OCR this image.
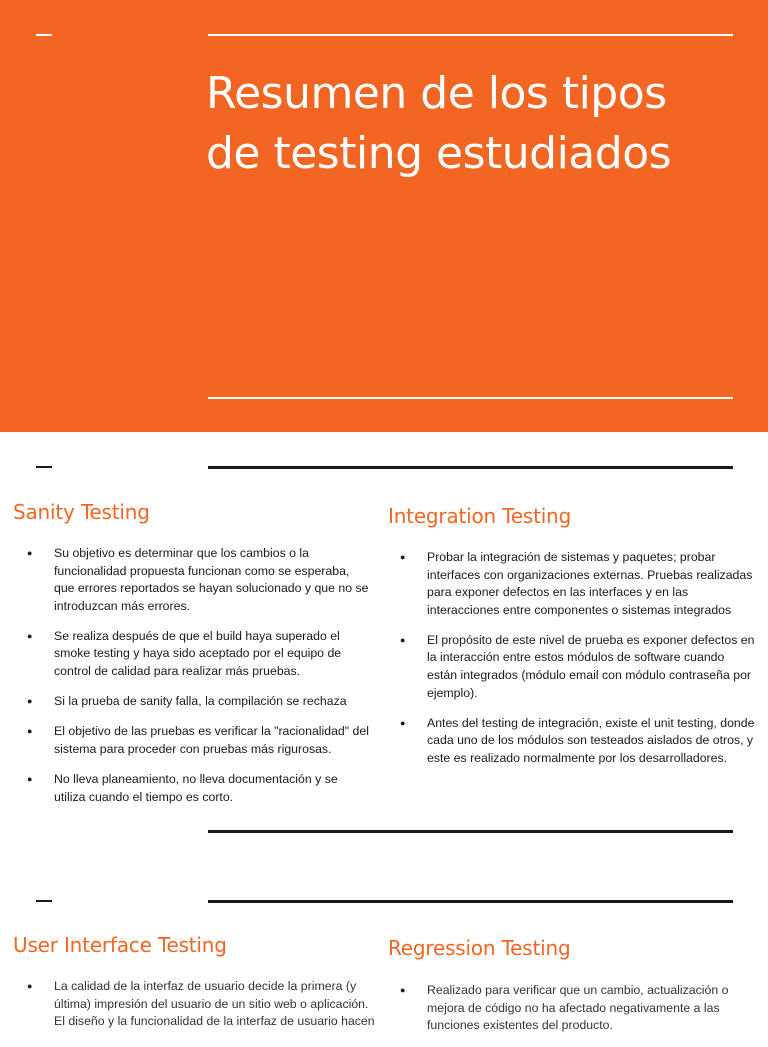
Resumen de los tipos de testing estudiados
Sanity Testing
● Su objetivo es determinar que los cambios o la funcionalidad propuesta funcionan como se esperaba, que errores reportados se hayan solucionado y que no se introduzcan más errores.
● Se realiza después de que el build haya superado el smoke testing y haya sido aceptado por el equipo de control de calidad para realizar más pruebas.
● Si la prueba de sanity falla, la compilación se rechaza
● El objetivo de las pruebas es verificar la "racionalidad" del sistema para proceder con pruebas más rigurosas.
● No lleva planeamiento, no lleva documentación y se utiliza cuando el tiempo es corto.
Integration Testing
● Probar la integración de sistemas y paquetes; probar interfaces con organizaciones externas. Pruebas realizadas para exponer defectos en las interfaces y en las interacciones entre componentes o sistemas integrados
● El propósito de este nivel de prueba es exponer defectos en la interacción entre estos módulos de software cuando están integrados (módulo email con módulo contraseña por ejemplo).
● Antes del testing de integración, existe el unit testing, donde cada uno de los módulos son testeados aislados de otros, y este es realizado normalmente por los desarrolladores.
User Interface Testing
● La calidad de la interfaz de usuario decide la primera (y última) impresión del usuario de un sitio web o aplicación. El diseño y la funcionalidad de la interfaz de usuario hacen
Regression Testing
● Realizado para verificar que un cambio, actualización o mejora de código no ha afectado negativamente a las funciones existentes del producto.
